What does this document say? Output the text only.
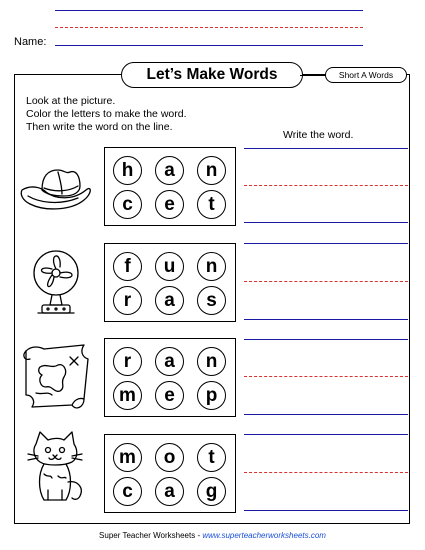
Name:
Let’s Make Words	Short A Words
Look at the picture.
Color the letters to make the word.
Then write the word on the line.
Write the word.
h	a	n
c	e	t
f	u	n
r	a	s
r	a	n
m	e	p
m	o	t
c	a	g
Super Teacher Worksheets - www.superteacherworksheets.com
